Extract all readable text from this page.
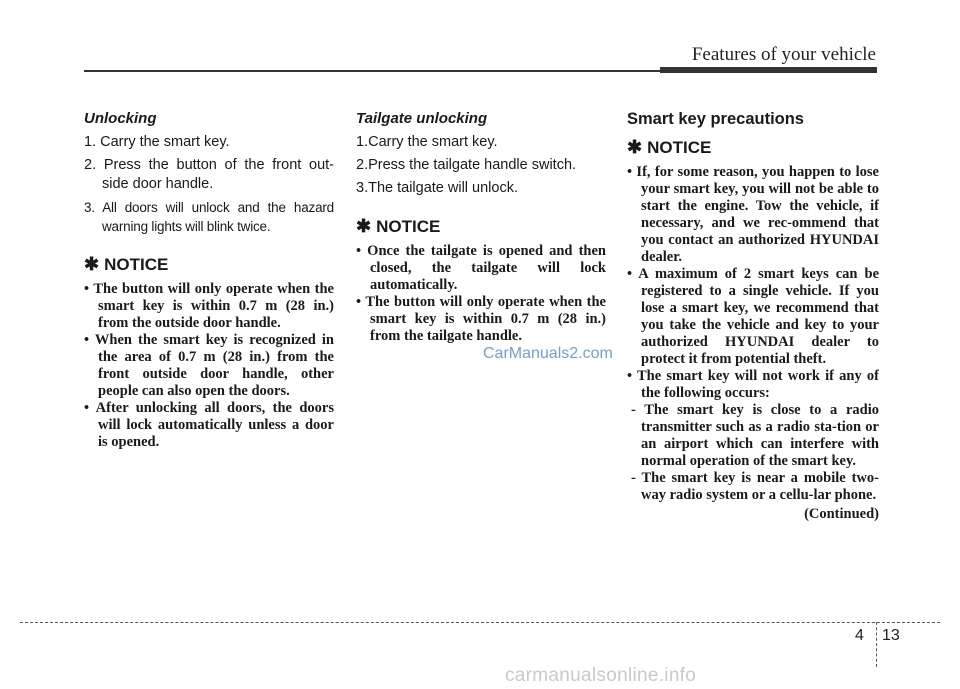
Features of your vehicle
Unlocking
1. Carry the smart key.
2. Press the button of the front out-side door handle.
3. All doors will unlock and the hazard warning lights will blink twice.
✱ NOTICE
• The button will only operate when the smart key is within 0.7 m (28 in.) from the outside door handle.
• When the smart key is recognized in the area of 0.7 m (28 in.) from the front outside door handle, other people can also open the doors.
• After unlocking all doors, the doors will lock automatically unless a door is opened.
Tailgate unlocking
1.Carry the smart key.
2.Press the tailgate handle switch.
3.The tailgate will unlock.
✱ NOTICE
• Once the tailgate is opened and then closed, the tailgate will lock automatically.
• The button will only operate when the smart key is within 0.7 m (28 in.) from the tailgate handle.
Smart key precautions
✱ NOTICE
• If, for some reason, you happen to lose your smart key, you will not be able to start the engine. Tow the vehicle, if necessary, and we rec-ommend that you contact an authorized HYUNDAI dealer.
• A maximum of 2 smart keys can be registered to a single vehicle. If you lose a smart key, we recommend that you take the vehicle and key to your authorized HYUNDAI dealer to protect it from potential theft.
• The smart key will not work if any of the following occurs:
- The smart key is close to a radio transmitter such as a radio sta-tion or an airport which can interfere with normal operation of the smart key.
- The smart key is near a mobile two-way radio system or a cellu-lar phone.
(Continued)
CarManuals2.com
4 13
carmanualsonline.info
